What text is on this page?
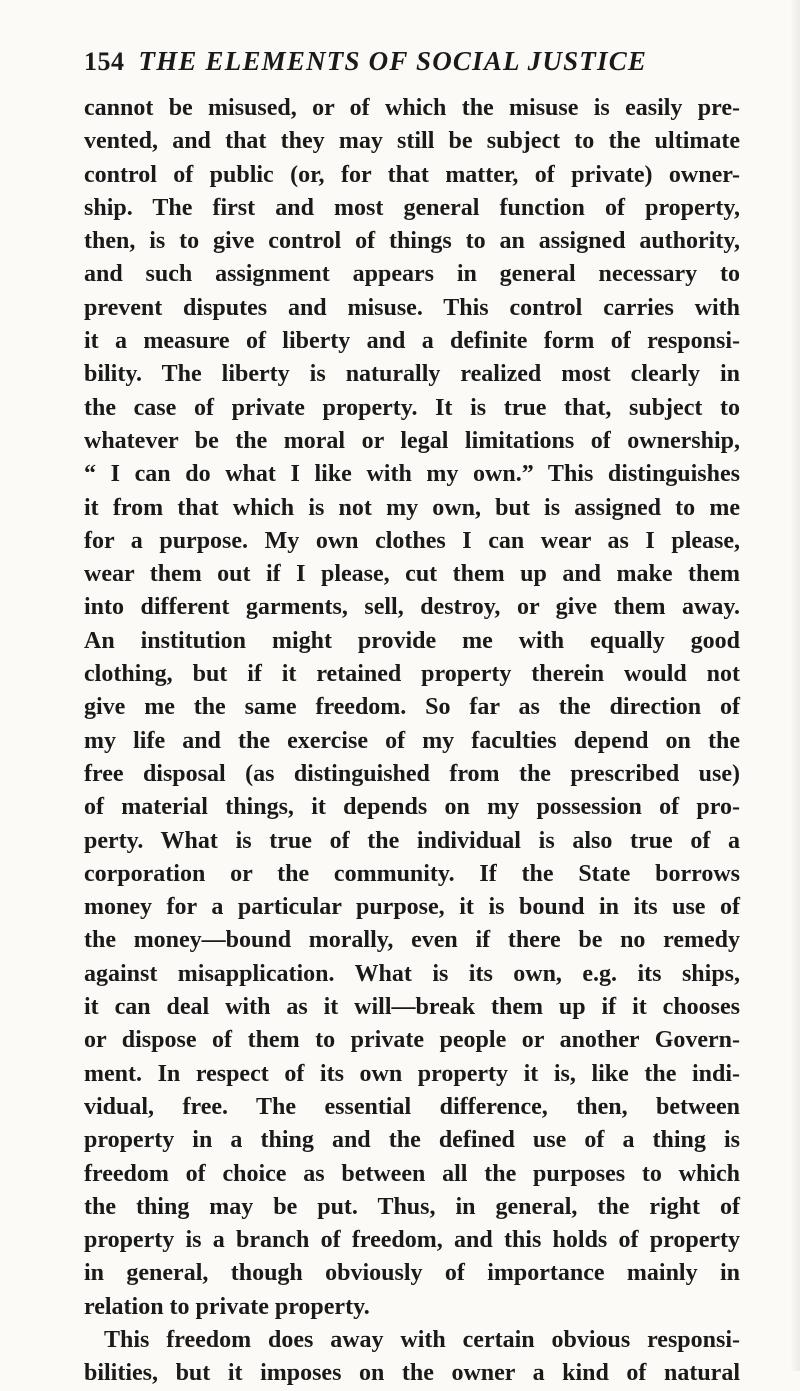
154 THE ELEMENTS OF SOCIAL JUSTICE
cannot be misused, or of which the misuse is easily pre-
vented, and that they may still be subject to the ultimate
control of public (or, for that matter, of private) owner-
ship. The first and most general function of property,
then, is to give control of things to an assigned authority,
and such assignment appears in general necessary to
prevent disputes and misuse. This control carries with
it a measure of liberty and a definite form of responsi-
bility. The liberty is naturally realized most clearly in
the case of private property. It is true that, subject to
whatever be the moral or legal limitations of ownership,
“ I can do what I like with my own.” This distinguishes
it from that which is not my own, but is assigned to me
for a purpose. My own clothes I can wear as I please,
wear them out if I please, cut them up and make them
into different garments, sell, destroy, or give them away.
An institution might provide me with equally good
clothing, but if it retained property therein would not
give me the same freedom. So far as the direction of
my life and the exercise of my faculties depend on the
free disposal (as distinguished from the prescribed use)
of material things, it depends on my possession of pro-
perty. What is true of the individual is also true of a
corporation or the community. If the State borrows
money for a particular purpose, it is bound in its use of
the money—bound morally, even if there be no remedy
against misapplication. What is its own, e.g. its ships,
it can deal with as it will—break them up if it chooses
or dispose of them to private people or another Govern-
ment. In respect of its own property it is, like the indi-
vidual, free. The essential difference, then, between
property in a thing and the defined use of a thing is
freedom of choice as between all the purposes to which
the thing may be put. Thus, in general, the right of
property is a branch of freedom, and this holds of property
in general, though obviously of importance mainly in
relation to private property.
This freedom does away with certain obvious responsi-
bilities, but it imposes on the owner a kind of natural
